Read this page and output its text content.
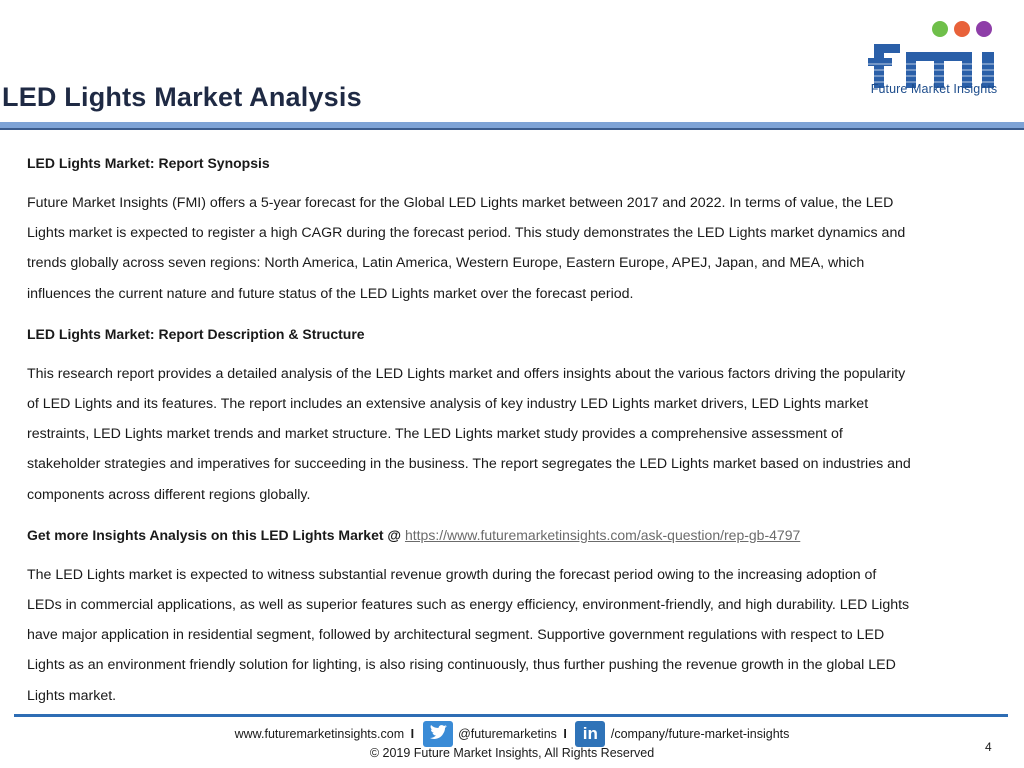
LED Lights Market Analysis	Future Market Insights

LED Lights Market: Report Synopsis

Future Market Insights (FMI) offers a 5-year forecast for the Global LED Lights market between 2017 and 2022. In terms of value, the LED

Lights market is expected to register a high CAGR during the forecast period. This study demonstrates the LED Lights market dynamics and

trends globally across seven regions: North America, Latin America, Western Europe, Eastern Europe, APEJ, Japan, and MEA, which

influences the current nature and future status of the LED Lights market over the forecast period.

LED Lights Market: Report Description & Structure

This research report provides a detailed analysis of the LED Lights market and offers insights about the various factors driving the popularity

of LED Lights and its features. The report includes an extensive analysis of key industry LED Lights market drivers, LED Lights market

restraints, LED Lights market trends and market structure. The LED Lights market study provides a comprehensive assessment of

stakeholder strategies and imperatives for succeeding in the business. The report segregates the LED Lights market based on industries and

components across different regions globally.

Get more Insights Analysis on this LED Lights Market @ https://www.futuremarketinsights.com/ask-question/rep-gb-4797

The LED Lights market is expected to witness substantial revenue growth during the forecast period owing to the increasing adoption of

LEDs in commercial applications, as well as superior features such as energy efficiency, environment-friendly, and high durability. LED Lights

have major application in residential segment, followed by architectural segment. Supportive government regulations with respect to LED

Lights as an environment friendly solution for lighting, is also rising continuously, thus further pushing the revenue growth in the global LED

Lights market.

www.futuremarketinsights.com I	@futuremarketins I in /company/future-market-insights
© 2019 Future Market Insights, All Rights Reserved	4
